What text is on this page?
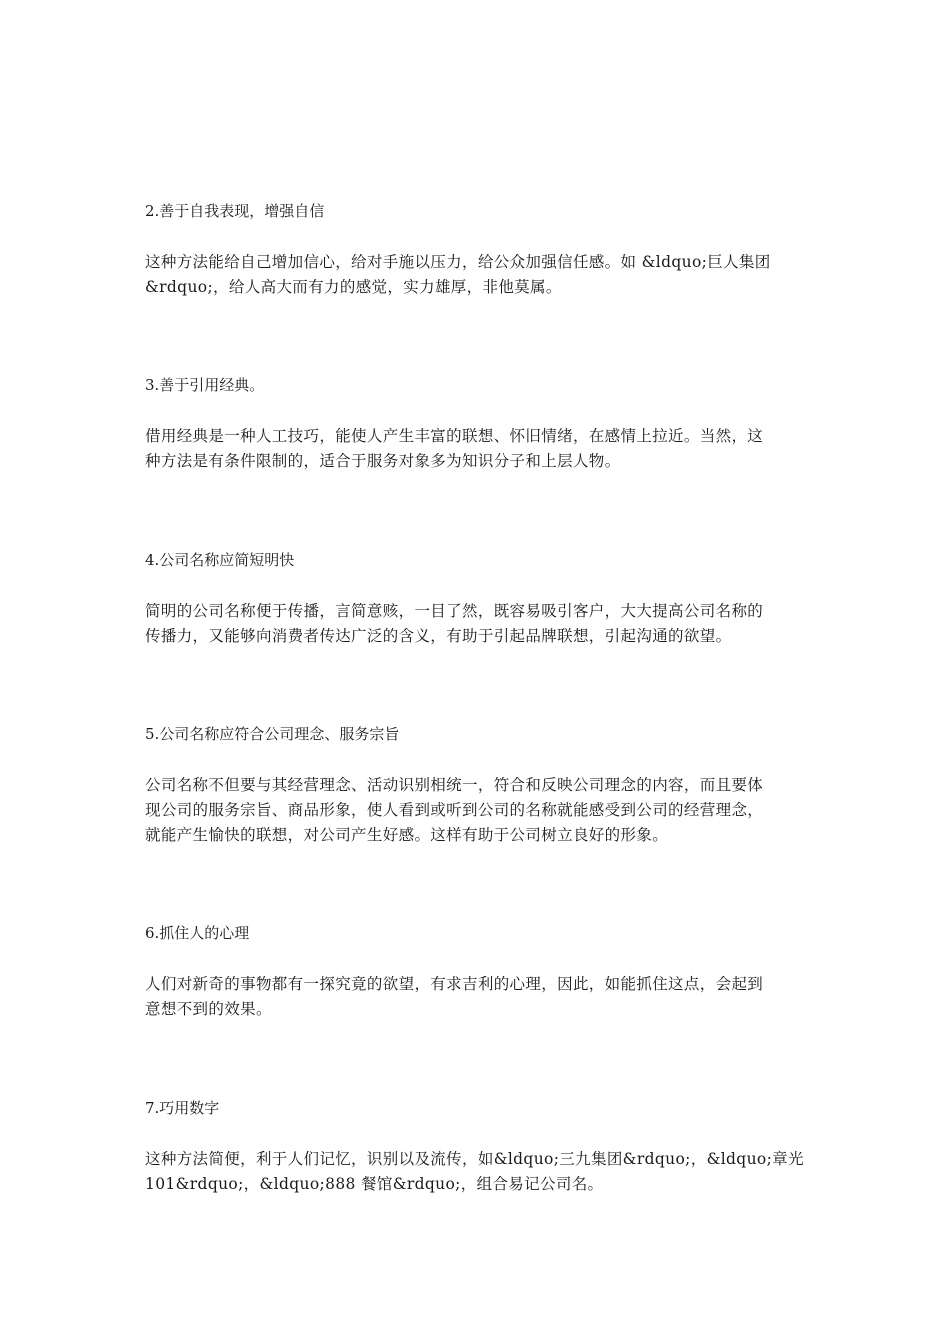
2.善于自我表现，增强自信

这种方法能给自己增加信心，给对手施以压力，给公众加强信任感。如 &ldquo;巨人集团

&rdquo;，给人高大而有力的感觉，实力雄厚，非他莫属。

3.善于引用经典。

借用经典是一种人工技巧，能使人产生丰富的联想、怀旧情绪，在感情上拉近。当然，这

种方法是有条件限制的，适合于服务对象多为知识分子和上层人物。

4.公司名称应简短明快

简明的公司名称便于传播，言简意赅，一目了然，既容易吸引客户，大大提高公司名称的

传播力，又能够向消费者传达广泛的含义，有助于引起品牌联想，引起沟通的欲望。

5.公司名称应符合公司理念、服务宗旨

公司名称不但要与其经营理念、活动识别相统一，符合和反映公司理念的内容，而且要体

现公司的服务宗旨、商品形象，使人看到或听到公司的名称就能感受到公司的经营理念，

就能产生愉快的联想，对公司产生好感。这样有助于公司树立良好的形象。

6.抓住人的心理

人们对新奇的事物都有一探究竟的欲望，有求吉利的心理，因此，如能抓住这点，会起到

意想不到的效果。

7.巧用数字

这种方法简便，利于人们记忆，识别以及流传，如&ldquo;三九集团&rdquo;，&ldquo;章光

101&rdquo;，&ldquo;888 餐馆&rdquo;，组合易记公司名。
